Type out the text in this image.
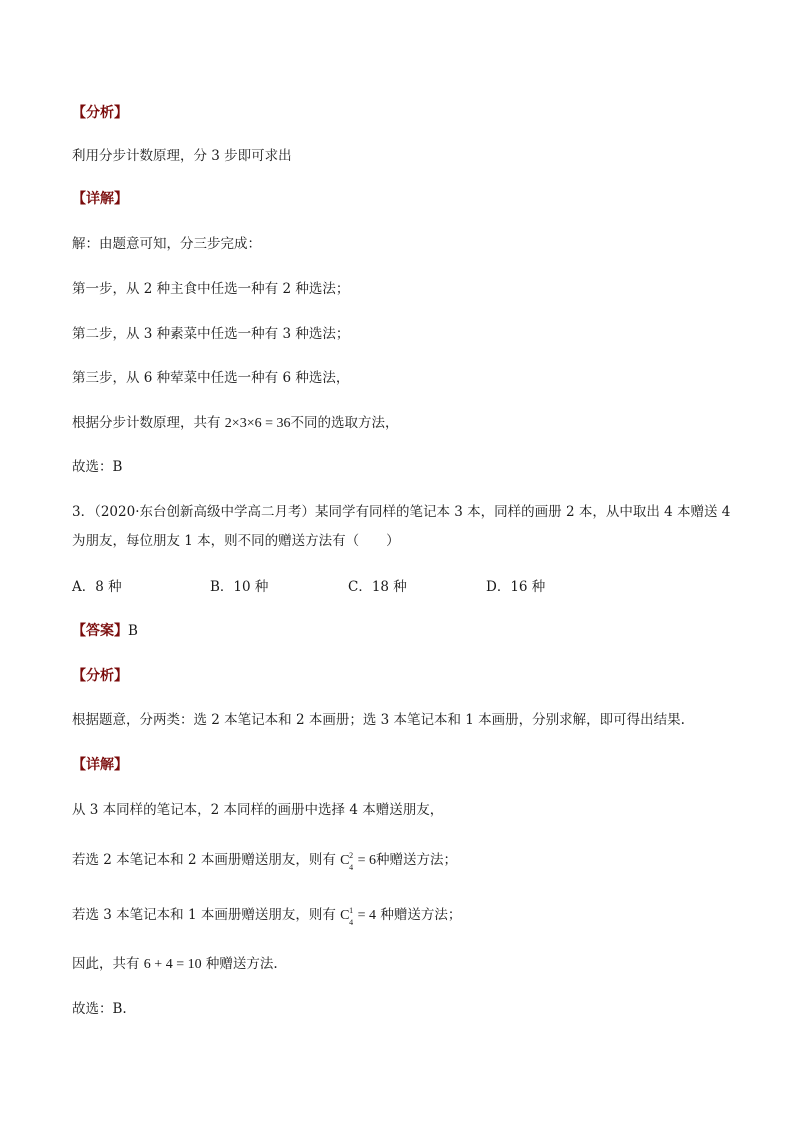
【分析】
利用分步计数原理，分 3 步即可求出
【详解】
解：由题意可知，分三步完成：
第一步，从 2 种主食中任选一种有 2 种选法；
第二步，从 3 种素菜中任选一种有 3 种选法；
第三步，从 6 种荤菜中任选一种有 6 种选法，
根据分步计数原理，共有 2×3×6 = 36不同的选取方法，
故选：B
3．（2020·东台创新高级中学高二月考）某同学有同样的笔记本 3 本，同样的画册 2 本，从中取出 4 本赠送 4
为朋友，每位朋友 1 本，则不同的赠送方法有（　　）
A．8 种	B．10 种	C．18 种	D．16 种
【答案】B
【分析】
根据题意，分两类：选 2 本笔记本和 2 本画册；选 3 本笔记本和 1 本画册，分别求解，即可得出结果.
【详解】
从 3 本同样的笔记本，2 本同样的画册中选择 4 本赠送朋友，
若选 2 本笔记本和 2 本画册赠送朋友，则有 C 2
4 = 6种赠送方法；
若选 3 本笔记本和 1 本画册赠送朋友，则有 C 1
4 = 4 种赠送方法；
因此，共有 6 + 4 = 10 种赠送方法.
故选：B.
